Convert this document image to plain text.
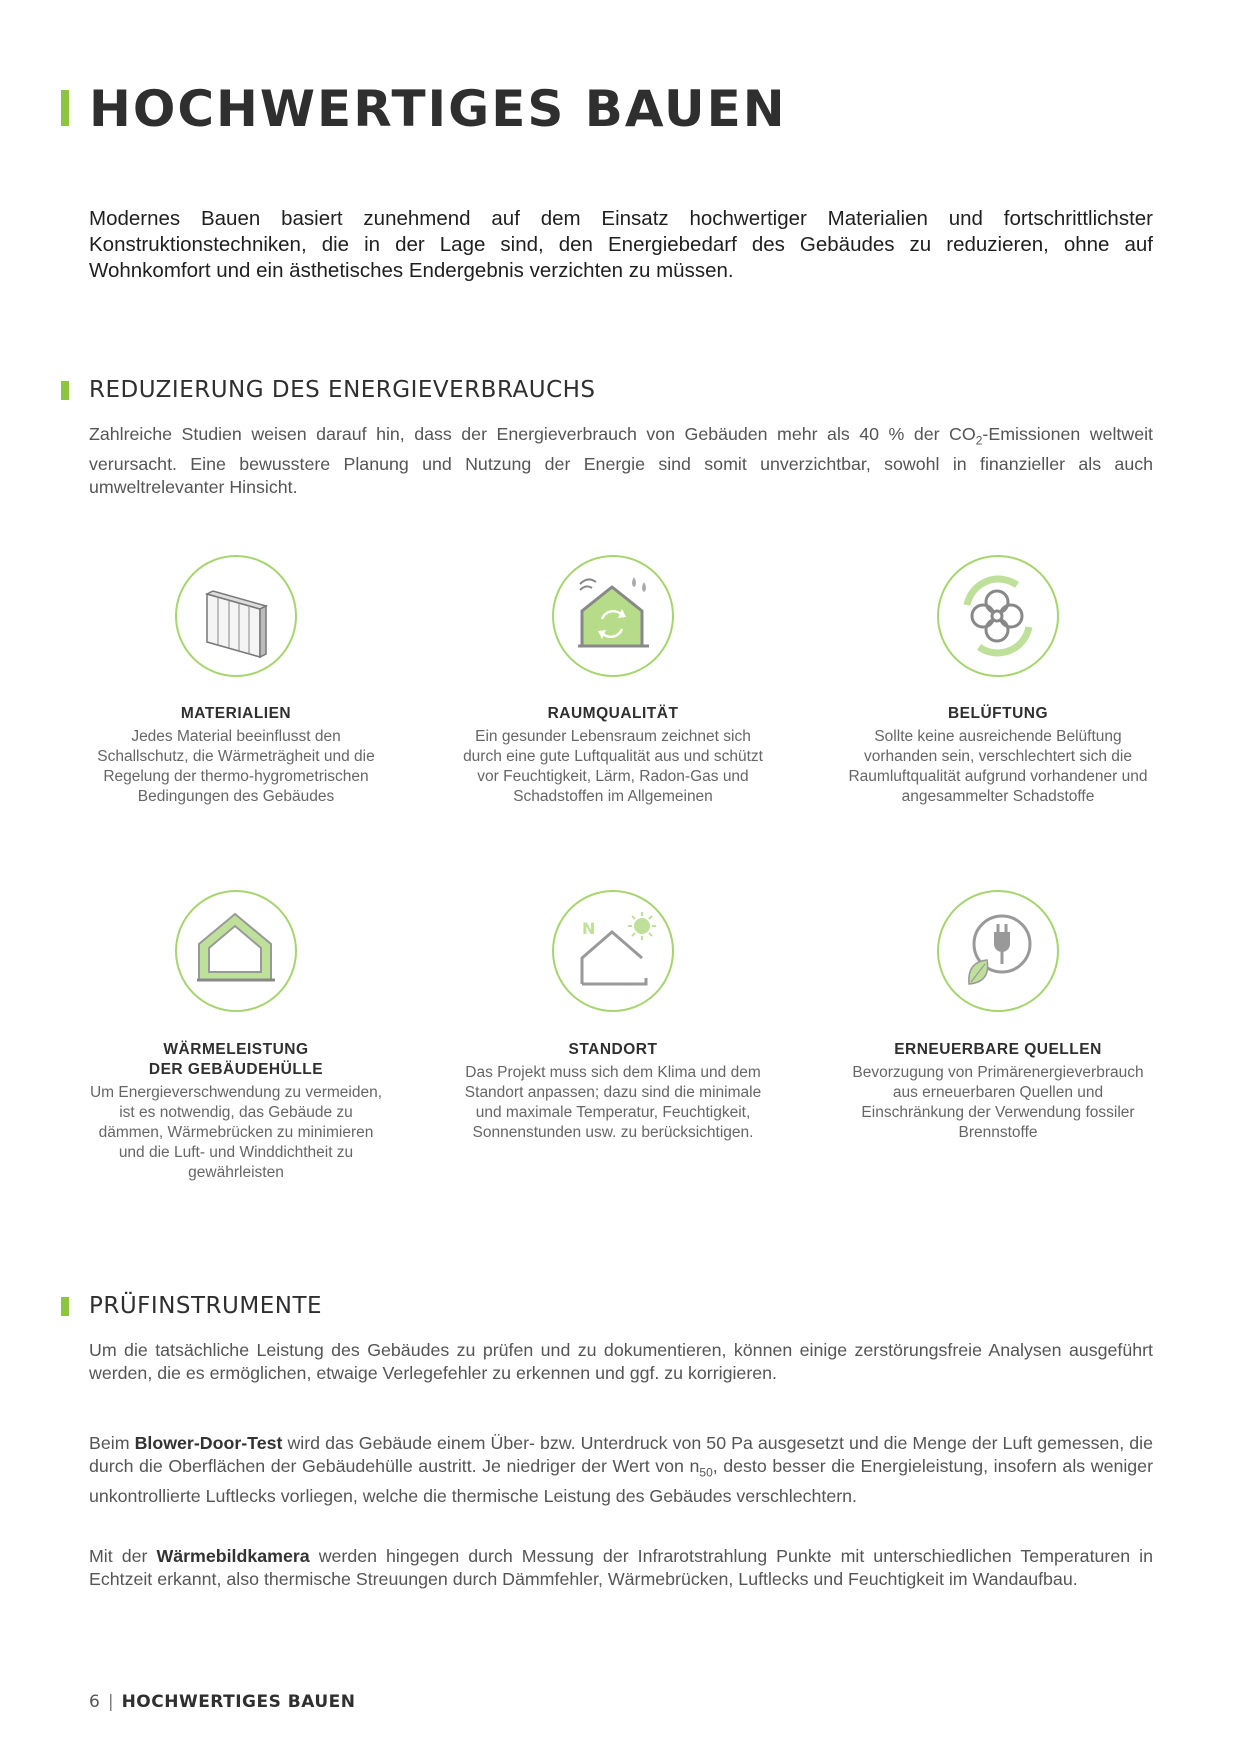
HOCHWERTIGES BAUEN

Modernes Bauen basiert zunehmend auf dem Einsatz hochwertiger Materialien und fortschrittlichster Konstruktionstechniken, die in der Lage sind, den Energiebedarf des Gebäudes zu reduzieren, ohne auf Wohnkomfort und ein ästhetisches Endergebnis verzichten zu müssen.

REDUZIERUNG DES ENERGIEVERBRAUCHS

Zahlreiche Studien weisen darauf hin, dass der Energieverbrauch von Gebäuden mehr als 40 % der $CO_2$-Emissionen weltweit verursacht. Eine bewusstere Planung und Nutzung der Energie sind somit unverzichtbar, sowohl in finanzieller als auch umweltrelevanter Hinsicht.

MATERIALIEN

Jedes Material beeinflusst den Schallschutz, die Wärmeträgheit und die Regelung der thermo-hygrometrischen Bedingungen des Gebäudes

RAUMQUALITÄT

Ein gesunder Lebensraum zeichnet sich durch eine gute Luftqualität aus und schützt vor Feuchtigkeit, Lärm, Radon-Gas und Schadstoffen im Allgemeinen

BELÜFTUNG

Sollte keine ausreichende Belüftung vorhanden sein, verschlechtert sich die Raumluftqualität aufgrund vorhandener und angesammelter Schadstoffe

N
WÄRMELEISTUNG
DER GEBÄUDEHÜLLE

Um Energieverschwendung zu vermeiden, ist es notwendig, das Gebäude zu dämmen, Wärmebrücken zu minimieren und die Luft- und Winddichtheit zu gewährleisten

STANDORT

Das Projekt muss sich dem Klima und dem Standort anpassen; dazu sind die minimale und maximale Temperatur, Feuchtigkeit, Sonnenstunden usw. zu berücksichtigen.

ERNEUERBARE QUELLEN

Bevorzugung von Primärenergieverbrauch aus erneuerbaren Quellen und Einschränkung der Verwendung fossiler Brennstoffe

PRÜFINSTRUMENTE

Um die tatsächliche Leistung des Gebäudes zu prüfen und zu dokumentieren, können einige zerstörungsfreie Analysen ausgeführt werden, die es ermöglichen, etwaige Verlegefehler zu erkennen und ggf. zu korrigieren.

Beim Blower-Door-Test wird das Gebäude einem Über- bzw. Unterdruck von 50 Pa ausgesetzt und die Menge der Luft gemessen, die durch die Oberflächen der Gebäudehülle austritt. Je niedriger der Wert von $n_{50}$, desto besser die Energieleistung, insofern als weniger unkontrollierte Luftlecks vorliegen, welche die thermische Leistung des Gebäudes verschlechtern.

Mit der Wärmebildkamera werden hingegen durch Messung der Infrarotstrahlung Punkte mit unterschiedlichen Temperaturen in Echtzeit erkannt, also thermische Streuungen durch Dämmfehler, Wärmebrücken, Luftlecks und Feuchtigkeit im Wandaufbau.

6 | HOCHWERTIGES BAUEN
